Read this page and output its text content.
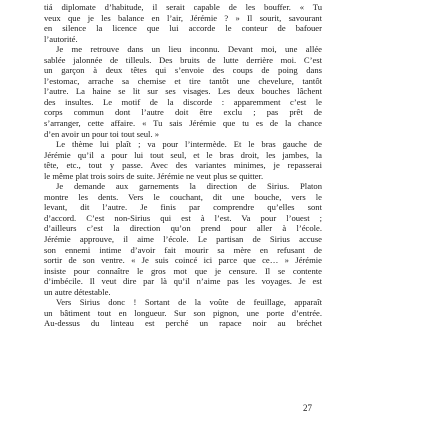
tiá diplomate d’habitude, il serait capable de les bouffer. « Tu
veux que je les balance en l’air, Jérémie ? » Il sourit, savourant
en silence la licence que lui accorde le conteur de bafouer
l’autorité.
Je me retrouve dans un lieu inconnu. Devant moi, une allée
sablée jalonnée de tilleuls. Des bruits de lutte derrière moi. C’est
un garçon à deux têtes qui s’envoie des coups de poing dans
l’estomac, arrache sa chemise et tire tantôt une chevelure, tantôt
l’autre. La haine se lit sur ses visages. Les deux bouches lâchent
des insultes. Le motif de la discorde : apparemment c’est le
corps commun dont l’autre doit être exclu ; pas prêt de
s’arranger, cette affaire. « Tu sais Jérémie que tu es de la chance
d’en avoir un pour toi tout seul. »
Le thème lui plaît ; va pour l’intermède. Et le bras gauche de
Jérémie qu’il a pour lui tout seul, et le bras droit, les jambes, la
tête, etc., tout y passe. Avec des variantes minimes, je repasserai
le même plat trois soirs de suite. Jérémie ne veut plus se quitter.
Je demande aux garnements la direction de Sirius. Platon
montre les dents. Vers le couchant, dit une bouche, vers le
levant, dit l’autre. Je finis par comprendre qu’elles sont
d’accord. C’est non-Sirius qui est à l’est. Va pour l’ouest ;
d’ailleurs c’est la direction qu’on prend pour aller à l’école.
Jérémie approuve, il aime l’école. Le partisan de Sirius accuse
son ennemi intime d’avoir fait mourir sa mère en refusant de
sortir de son ventre. « Je suis coincé ici parce que ce… » Jérémie
insiste pour connaître le gros mot que je censure. Il se contente
d’imbécile. Il veut dire par là qu’il n’aime pas les voyages. Je est
un autre détestable.
Vers Sirius donc ! Sortant de la voûte de feuillage, apparaît
un bâtiment tout en longueur. Sur son pignon, une porte d’entrée.
Au-dessus du linteau est perché un rapace noir au bréchet
27
